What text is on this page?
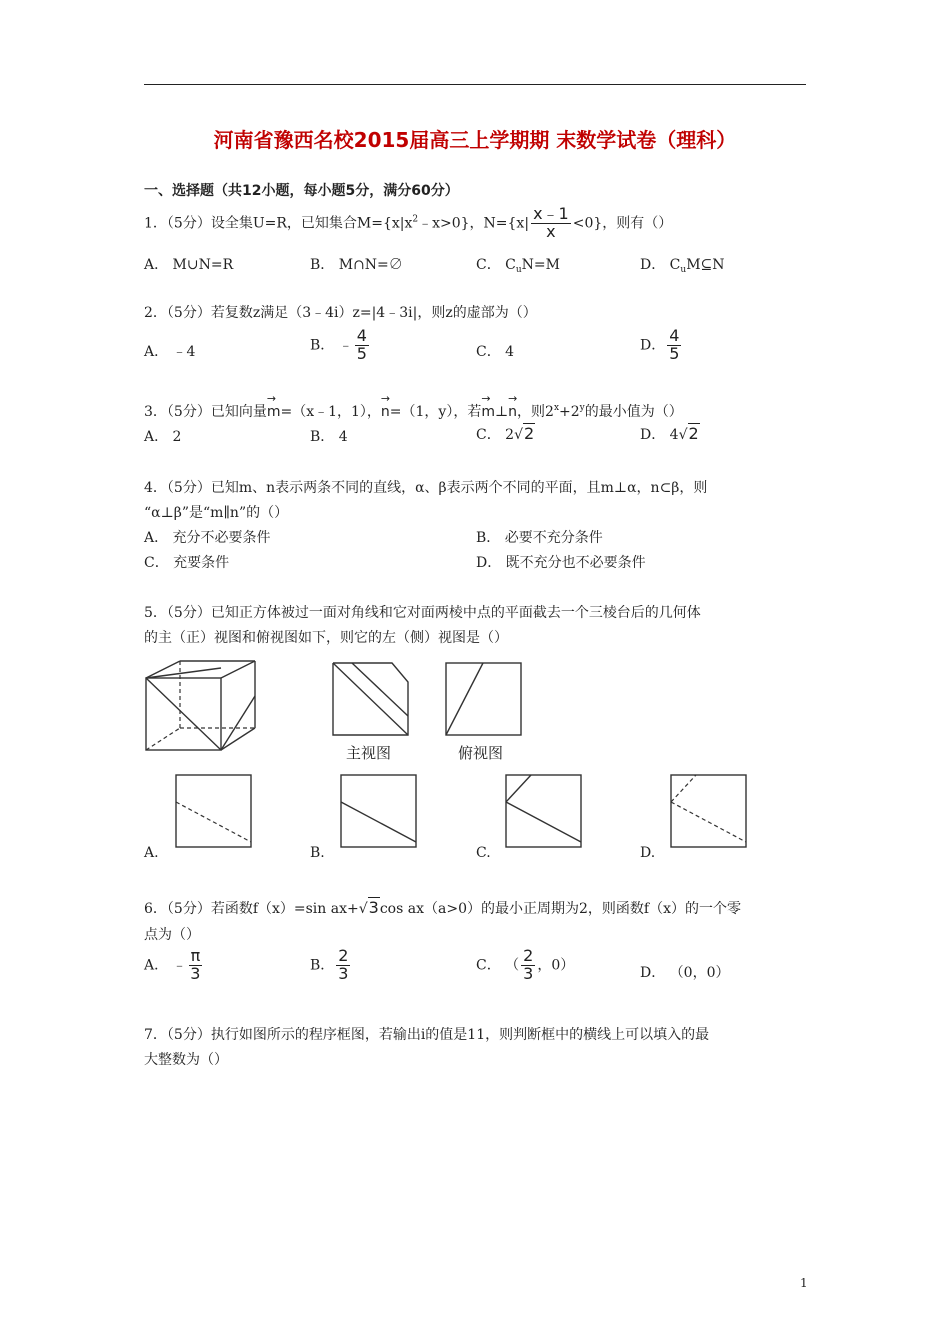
河南省豫西名校2015届高三上学期期 末数学试卷（理科）
一、选择题（共12小题，每小题5分，满分60分）
1．（5分）设全集U=R，已知集合$M=\{x|x^2﹣x>0\}$，$N=\{x| \frac{x﹣1}{x} <0\}$，则有（）
A． M∪N=R	B． M∩N=∅	C． $C_uN=M$	D． $C_uM⊆N$
2．（5分）若复数z满足（3﹣4i）z=|4﹣3i|，则z的虚部为（）
A． ﹣4	B． ﹣ $\frac{4}{5}$	C． 4	D． $\frac{4}{5}$
3．（5分）已知向量
→
m=（x﹣1，1），
→
n=（1，y），若
→
m⊥
→
n，则$2^x+2^y$的最小值为（）
A． 2	B． 4	C． 2√2	D． 4√2
4．（5分）已知m、n表示两条不同的直线，α、β表示两个不同的平面，且m⊥α，n⊂β，则
“α⊥β”是“m∥n”的（）
A． 充分不必要条件	B． 必要不充分条件
C． 充要条件	D． 既不充分也不必要条件
5．（5分）已知正方体被过一面对角线和它对面两棱中点的平面截去一个三棱台后的几何体
的主（正）视图和俯视图如下，则它的左（侧）视图是（）
主视图	俯视图
A.	B.	C.	D.
6．（5分）若函数f（x）=sin ax+√3cos ax（a>0）的最小正周期为2，则函数f（x）的一个零
点为（）
A． ﹣ $\frac{\pi}{3}$	B． $\frac{2}{3}$	C． （ $\frac{2}{3}$ ，0）	D． （0，0）
7．（5分）执行如图所示的程序框图，若输出i的值是11，则判断框中的横线上可以填入的最
大整数为（）
1
